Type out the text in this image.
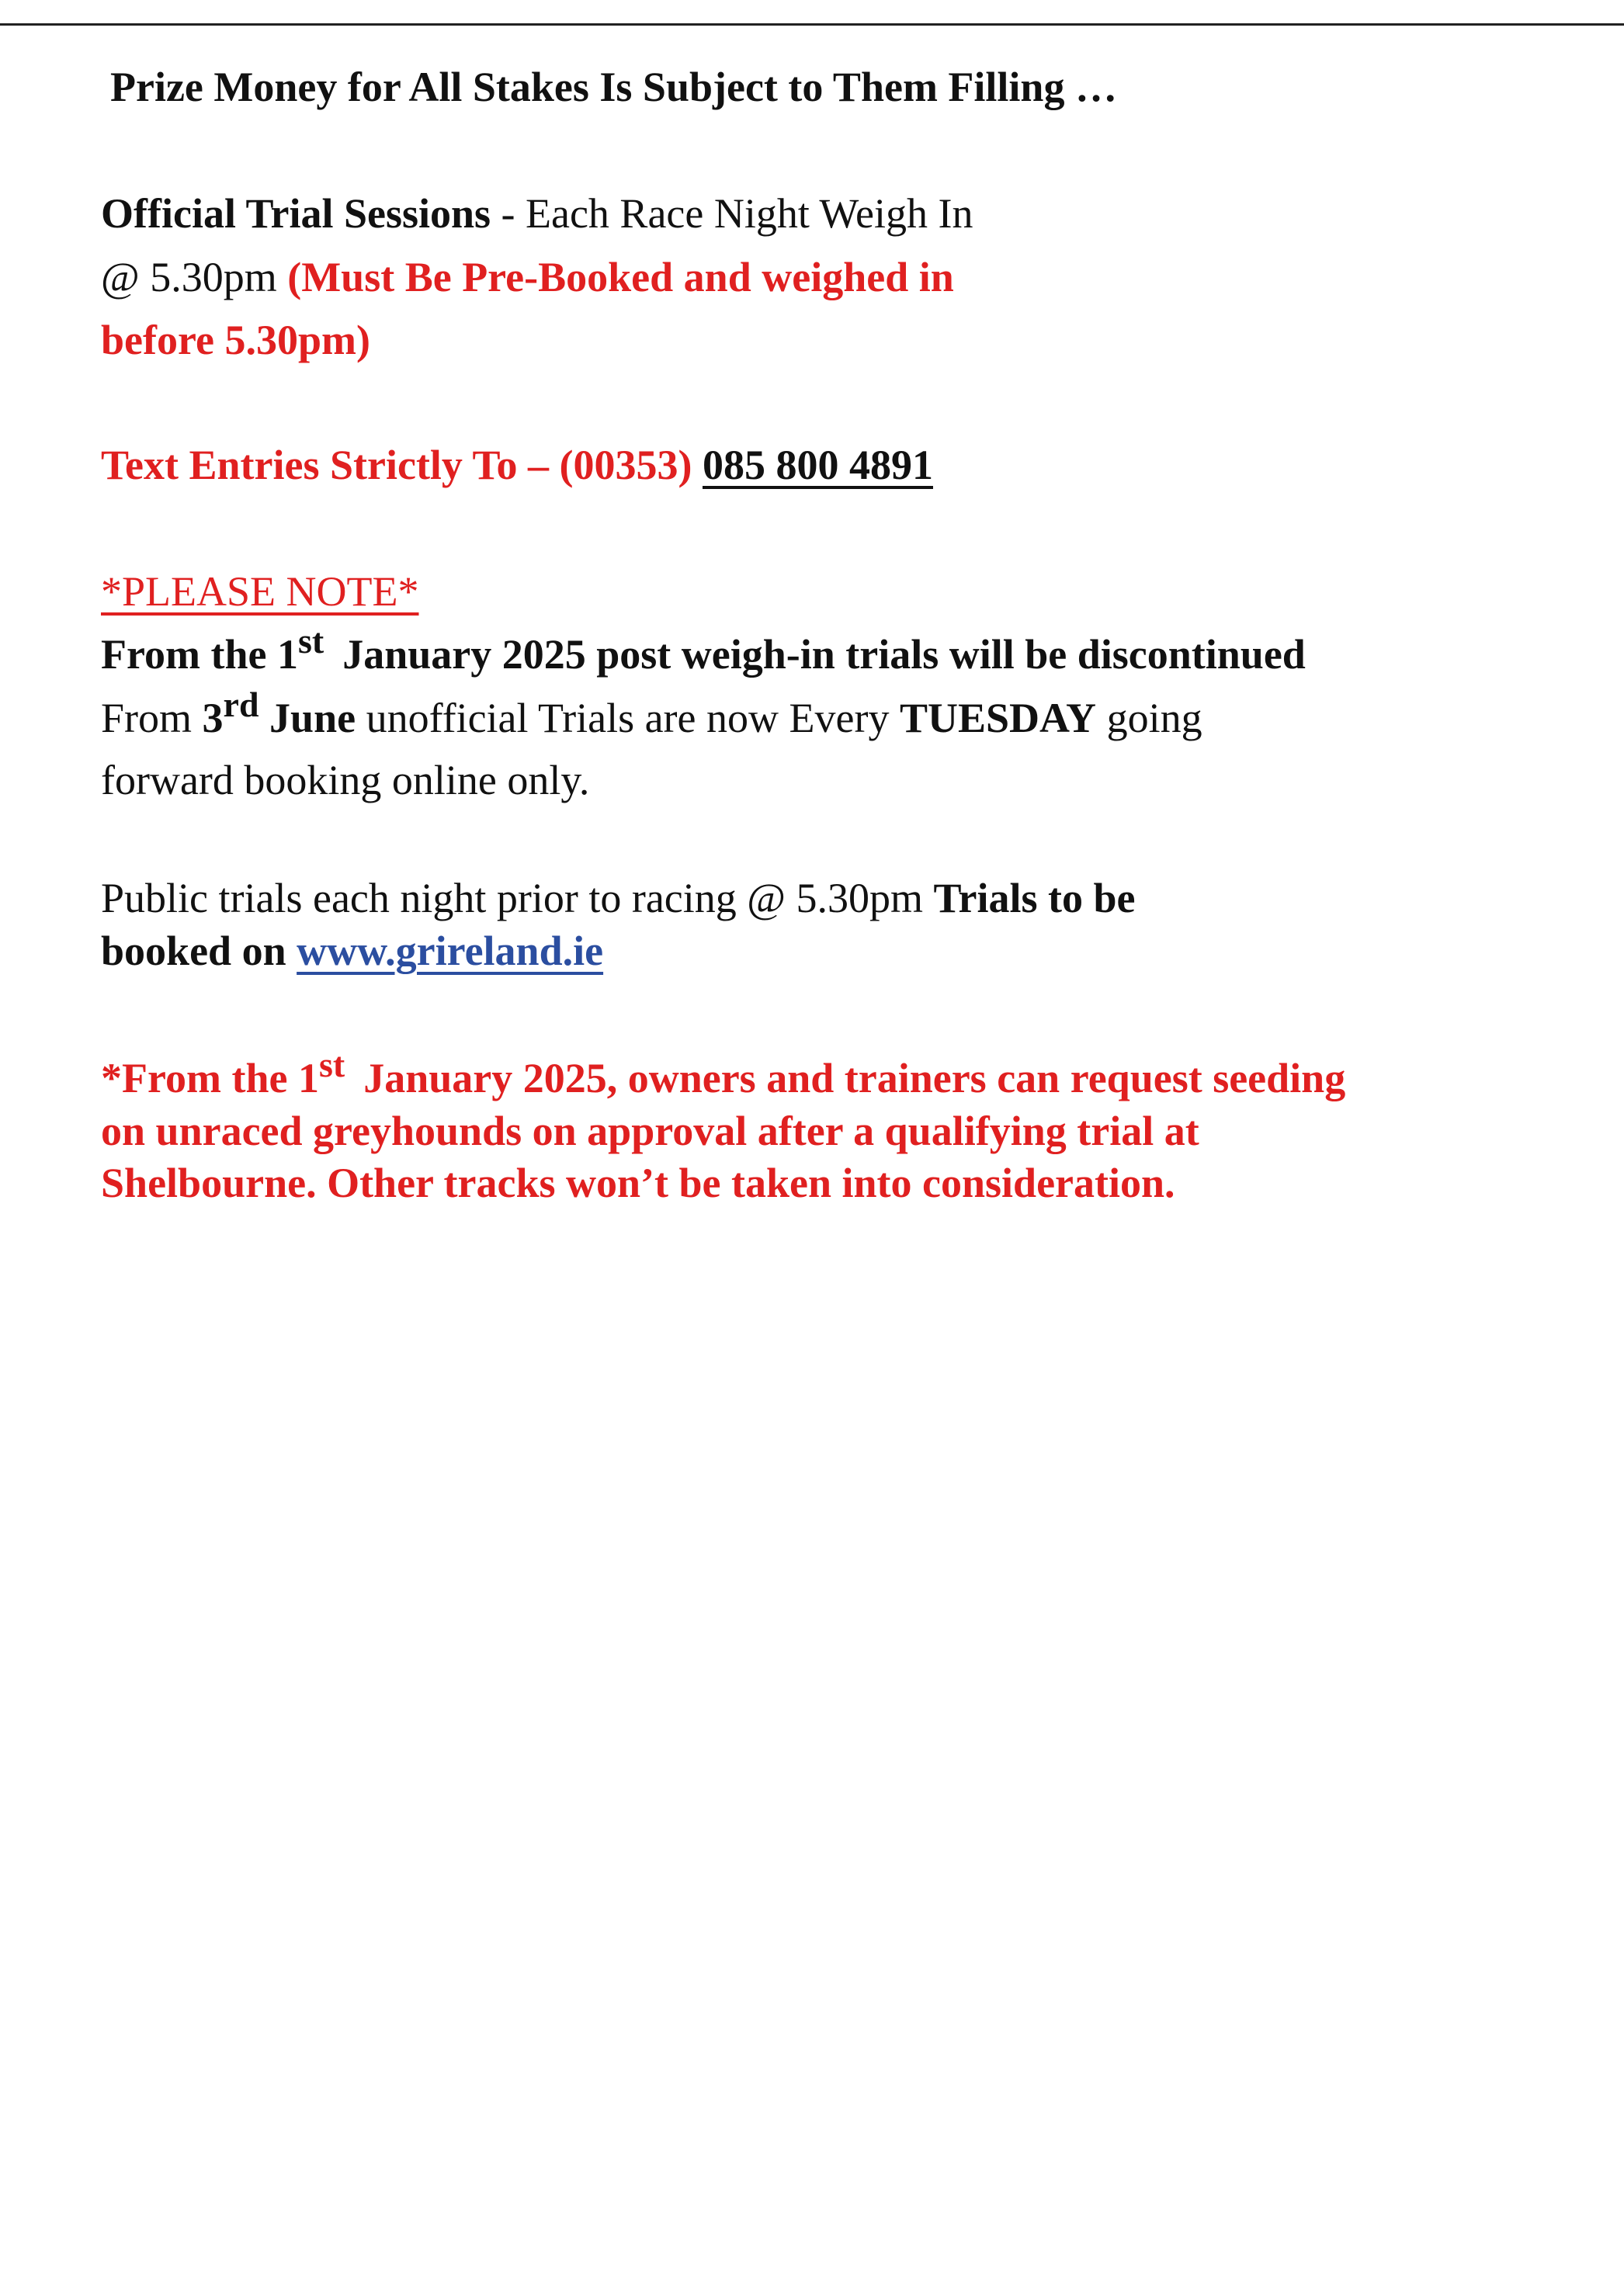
Prize Money for All Stakes Is Subject to Them Filling …
Official Trial Sessions - Each Race Night Weigh In
@ 5.30pm (Must Be Pre-Booked and weighed in
before 5.30pm)
Text Entries Strictly To – (00353) 085 800 4891
*PLEASE NOTE*
From the 1st January 2025 post weigh-in trials will be discontinued
From 3rd June unofficial Trials are now Every TUESDAY going
forward booking online only.
Public trials each night prior to racing @ 5.30pm Trials to be
booked on www.grireland.ie
*From the 1st January 2025, owners and trainers can request seeding
on unraced greyhounds on approval after a qualifying trial at
Shelbourne. Other tracks won’t be taken into consideration.
